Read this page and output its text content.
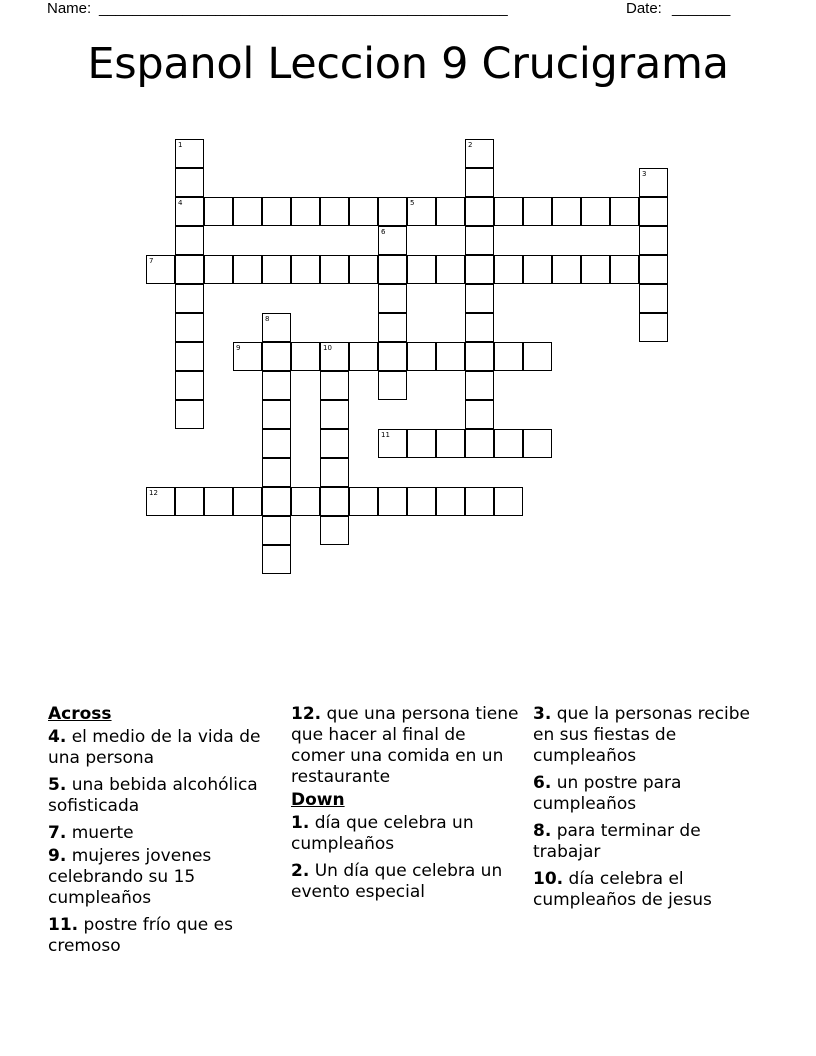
Name:

_________________________________________________

	Date:

_______

Espanol Leccion 9 Crucigrama
1
4
2
3
5
6
7
8
9	10
11
12
Across
4. el medio de la vida de una persona
5. una bebida alcohólica sofisticada
7. muerte
9. mujeres jovenes celebrando su 15 cumpleaños
11. postre frío que es cremoso
12. que una persona tiene que hacer al final de comer una comida en un restaurante
Down
1. día que celebra un cumpleaños
2. Un día que celebra un evento especial
3. que la personas recibe en sus fiestas de cumpleaños
6. un postre para cumpleaños
8. para terminar de trabajar
10. día celebra el cumpleaños de jesus
